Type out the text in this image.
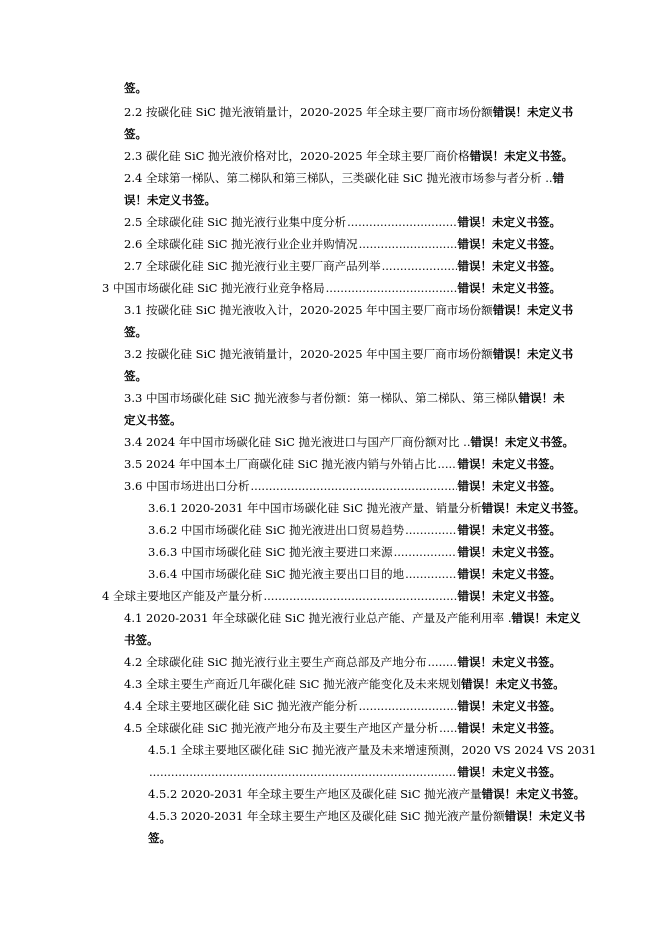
签。
2.2 按碳化硅 SiC 抛光液销量计，2020-2025 年全球主要厂商市场份额 错误！未定义书
签。
2.3 碳化硅 SiC 抛光液价格对比，2020-2025 年全球主要厂商价格 错误！未定义书签。
2.4 全球第一梯队、第二梯队和第三梯队，三类碳化硅 SiC 抛光液市场参与者分析 .. 错
误！未定义书签。
2.5 全球碳化硅 SiC 抛光液行业集中度分析 .....	错误！未定义书签。
2.6 全球碳化硅 SiC 抛光液行业企业并购情况 .....	错误！未定义书签。
2.7 全球碳化硅 SiC 抛光液行业主要厂商产品列举 .....	错误！未定义书签。
3 中国市场碳化硅 SiC 抛光液行业竞争格局 .....	错误！未定义书签。
3.1 按碳化硅 SiC 抛光液收入计，2020-2025 年中国主要厂商市场份额 错误！未定义书
签。
3.2 按碳化硅 SiC 抛光液销量计，2020-2025 年中国主要厂商市场份额 错误！未定义书
签。
3.3 中国市场碳化硅 SiC 抛光液参与者份额：第一梯队、第二梯队、第三梯队 错误！未
定义书签。
3.4 2024 年中国市场碳化硅 SiC 抛光液进口与国产厂商份额对比 .. 错误！未定义书签。
3.5 2024 年中国本土厂商碳化硅 SiC 抛光液内销与外销占比 ..... 错误！未定义书签。
3.6 中国市场进出口分析 .....	错误！未定义书签。
3.6.1 2020-2031 年中国市场碳化硅 SiC 抛光液产量、销量分析 错误！未定义书签。
3.6.2 中国市场碳化硅 SiC 抛光液进出口贸易趋势 .....	错误！未定义书签。
3.6.3 中国市场碳化硅 SiC 抛光液主要进口来源 .....	错误！未定义书签。
3.6.4 中国市场碳化硅 SiC 抛光液主要出口目的地 .....	错误！未定义书签。
4 全球主要地区产能及产量分析 .....	错误！未定义书签。
4.1 2020-2031 年全球碳化硅 SiC 抛光液行业总产能、产量及产能利用率 . 错误！未定义
书签。
4.2 全球碳化硅 SiC 抛光液行业主要生产商总部及产地分布 .....	错误！未定义书签。
4.3 全球主要生产商近几年碳化硅 SiC 抛光液产能变化及未来规划 错误！未定义书签。
4.4 全球主要地区碳化硅 SiC 抛光液产能分析 .....	错误！未定义书签。
4.5 全球碳化硅 SiC 抛光液产地分布及主要生产地区产量分析 ..... 错误！未定义书签。
4.5.1 全球主要地区碳化硅 SiC 抛光液产量及未来增速预测，2020 VS 2024 VS 2031
.....
错误！未定义书签。
4.5.2 2020-2031 年全球主要生产地区及碳化硅 SiC 抛光液产量 错误！未定义书签。
4.5.3 2020-2031 年全球主要生产地区及碳化硅 SiC 抛光液产量份额 错误！未定义书
签。
